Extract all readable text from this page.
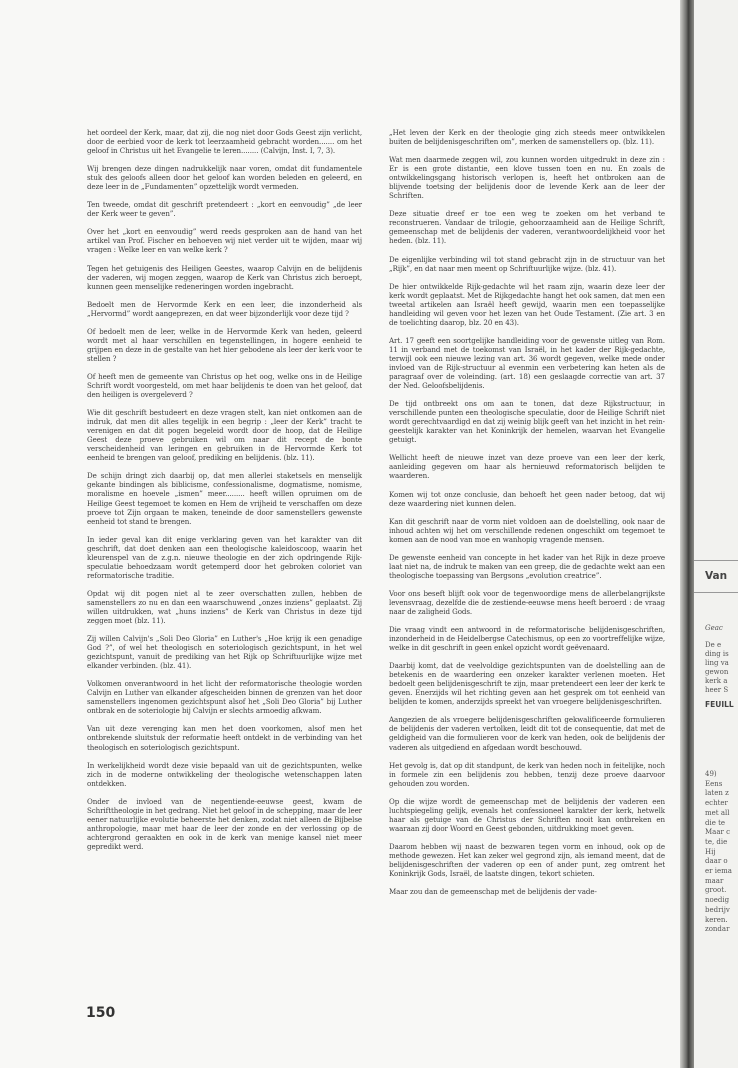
het oordeel der Kerk, maar, dat zij, die nog niet door Gods Geest zijn verlicht, door de eerbied voor de kerk tot leerzaamheid gebracht worden....... om het geloof in Christus uit het Evangelie te leren........ (Calvijn, Inst. I, 7, 3).

Wij brengen deze dingen nadrukkelijk naar voren, omdat dit fundamentele stuk des geloofs alleen door het geloof kan worden beleden en geleerd, en deze leer in de „Fundamenten” opzettelijk wordt vermeden.

Ten tweede, omdat dit geschrift pretendeert : „kort en eenvoudig” „de leer der Kerk weer te geven”.

Over het „kort en eenvoudig” werd reeds gesproken aan de hand van het artikel van Prof. Fischer en behoeven wij niet verder uit te wijden, maar wij vragen : Welke leer en van welke kerk ?

Tegen het getuigenis des Heiligen Geestes, waarop Calvijn en de belijdenis der vaderen, wij mogen zeggen, waarop de Kerk van Christus zich beroept, kunnen geen menselijke redeneringen worden ingebracht.

Bedoelt men de Hervormde Kerk en een leer, die inzonderheid als „Hervormd” wordt aangeprezen, en dat weer bijzonderlijk voor deze tijd ?

Of bedoelt men de leer, welke in de Hervormde Kerk van heden, geleerd wordt met al haar verschillen en tegenstellingen, in hogere eenheid te grijpen en deze in de gestalte van het hier gebodene als leer der kerk voor te stellen ?

Of heeft men de gemeente van Christus op het oog, welke ons in de Heilige Schrift wordt voorgesteld, om met haar belijdenis te doen van het geloof, dat den heiligen is overgeleverd ?

Wie dit geschrift bestudeert en deze vragen stelt, kan niet ontkomen aan de indruk, dat men dit alles tegelijk in een begrip : „leer der Kerk” tracht te verenigen en dat dit pogen begeleid wordt door de hoop, dat de Heilige Geest deze proeve gebruiken wil om naar dit recept de bonte verscheidenheid van leringen en gebruiken in de Hervormde Kerk tot eenheid te brengen van geloof, prediking en belijdenis. (blz. 11).

De schijn dringt zich daarbij op, dat men allerlei staketsels en menselijk gekante bindingen als biblicisme, confessionalisme, dogmatisme, nomisme, moralisme en hoevele „ismen” meer......... heeft willen opruimen om de Heilige Geest tegemoet te komen en Hem de vrijheid te verschaffen om deze proeve tot Zijn orgaan te maken, teneinde de door samenstellers gewenste eenheid tot stand te brengen.

In ieder geval kan dit enige verklaring geven van het karakter van dit geschrift, dat doet denken aan een theologische kaleidoscoop, waarin het kleurenspel van de z.g.n. nieuwe theologie en der zich opdringende Rijk-speculatie behoedzaam wordt getemperd door het gebroken coloriet van reformatorische traditie.

Opdat wij dit pogen niet al te zeer overschatten zullen, hebben de samenstellers zo nu en dan een waarschuwend „onzes inziens” geplaatst. Zij willen uitdrukken, wat „huns inziens” de Kerk van Christus in deze tijd zeggen moet (blz. 11).

Zij willen Calvijn's „Soli Deo Gloria” en Luther's „Hoe krijg ik een genadige God ?”, of wel het theologisch en soteriologisch gezichtspunt, in het wel gezichtspunt, vanuit de prediking van het Rijk op Schriftuurlijke wijze met elkander verbinden. (blz. 41).

Volkomen onverantwoord in het licht der reformatorische theologie worden Calvijn en Luther van elkander afgescheiden binnen de grenzen van het door samenstellers ingenomen gezichtspunt alsof het „Soli Deo Gloria” bij Luther ontbrak en de soteriologie bij Calvijn er slechts armoedig afkwam.

Van uit deze verenging kan men het doen voorkomen, alsof men het ontbrekende sluitstuk der reformatie heeft ontdekt in de verbinding van het theologisch en soteriologisch gezichtspunt.

In werkelijkheid wordt deze visie bepaald van uit de gezichtspunten, welke zich in de moderne ontwikkeling der theologische wetenschappen laten ontdekken.

Onder de invloed van de negentiende-eeuwse geest, kwam de Schrifttheologie in het gedrang. Niet het geloof in de schepping, maar de leer eener natuurlijke evolutie beheerste het denken, zodat niet alleen de Bijbelse anthropologie, maar met haar de leer der zonde en der verlossing op de achtergrond geraakten en ook in de kerk van menige kansel niet meer gepredikt werd.

„Het leven der Kerk en der theologie ging zich steeds meer ontwikkelen buiten de belijdenisgeschriften om”, merken de samenstellers op. (blz. 11).

Wat men daarmede zeggen wil, zou kunnen worden uitgedrukt in deze zin : Er is een grote distantie, een klove tussen toen en nu. En zoals de ontwikkelingsgang historisch verlopen is, heeft het ontbroken aan de blijvende toetsing der belijdenis door de levende Kerk aan de leer der Schriften.

Deze situatie dreef er toe een weg te zoeken om het verband te reconstrueren. Vandaar de trilogie, gehoorzaamheid aan de Heilige Schrift, gemeenschap met de belijdenis der vaderen, verantwoordelijkheid voor het heden. (blz. 11).

De eigenlijke verbinding wil tot stand gebracht zijn in de structuur van het „Rijk”, en dat naar men meent op Schriftuurlijke wijze. (blz. 41).

De hier ontwikkelde Rijk-gedachte wil het raam zijn, waarin deze leer der kerk wordt geplaatst. Met de Rijkgedachte hangt het ook samen, dat men een tweetal artikelen aan Israël heeft gewijd, waarin men een toepasselijke handleiding wil geven voor het lezen van het Oude Testament. (Zie art. 3 en de toelichting daarop, blz. 20 en 43).

Art. 17 geeft een soortgelijke handleiding voor de gewenste uitleg van Rom. 11 in verband met de toekomst van Israël, in het kader der Rijk-gedachte, terwijl ook een nieuwe lezing van art. 36 wordt gegeven, welke mede onder invloed van de Rijk-structuur al evenmin een verbetering kan heten als de paragraaf over de voleinding. (art. 18) een geslaagde correctie van art. 37 der Ned. Geloofsbelijdenis.

De tijd ontbreekt ons om aan te tonen, dat deze Rijkstructuur, in verschillende punten een theologische speculatie, door de Heilige Schrift niet wordt gerechtvaardigd en dat zij weinig blijk geeft van het inzicht in het rein-geestelijk karakter van het Koninkrijk der hemelen, waarvan het Evangelie getuigt.

Wellicht heeft de nieuwe inzet van deze proeve van een leer der kerk, aanleiding gegeven om haar als hernieuwd reformatorisch belijden te waarderen.

Komen wij tot onze conclusie, dan behoeft het geen nader betoog, dat wij deze waardering niet kunnen delen.

Kan dit geschrift naar de vorm niet voldoen aan de doelstelling, ook naar de inhoud achten wij het om verschillende redenen ongeschikt om tegemoet te komen aan de nood van moe en wanhopig vragende mensen.

De gewenste eenheid van concepte in het kader van het Rijk in deze proeve laat niet na, de indruk te maken van een greep, die de gedachte wekt aan een theologische toepassing van Bergsons „evolution creatrice”.

Voor ons beseft blijft ook voor de tegenwoordige mens de allerbelangrijkste levensvraag, dezelfde die de zestiende-eeuwse mens heeft beroerd : de vraag naar de zaligheid Gods.

Die vraag vindt een antwoord in de reformatorische belijdenisgeschriften, inzonderheid in de Heidelbergse Catechismus, op een zo voortreffelijke wijze, welke in dit geschrift in geen enkel opzicht wordt geëvenaard.

Daarbij komt, dat de veelvoldige gezichtspunten van de doelstelling aan de betekenis en de waardering een onzeker karakter verlenen moeten. Het bedoelt geen belijdenisgeschrift te zijn, maar pretendeert een leer der kerk te geven. Enerzijds wil het richting geven aan het gesprek om tot eenheid van belijden te komen, anderzijds spreekt het van vroegere belijdenisgeschriften.

Aangezien de als vroegere belijdenisgeschriften gekwalificeerde formulieren de belijdenis der vaderen vertolken, leidt dit tot de consequentie, dat met de geldigheid van die formulieren voor de kerk van heden, ook de belijdenis der vaderen als uitgediend en afgedaan wordt beschouwd.

Het gevolg is, dat op dit standpunt, de kerk van heden noch in feitelijke, noch in formele zin een belijdenis zou hebben, tenzij deze proeve daarvoor gehouden zou worden.

Op die wijze wordt de gemeenschap met de belijdenis der vaderen een luchtspiegeling gelijk, evenals het confessioneel karakter der kerk, hetwelk haar als getuige van de Christus der Schriften nooit kan ontbreken en waaraan zij door Woord en Geest gebonden, uitdrukking moet geven.

Daarom hebben wij naast de bezwaren tegen vorm en inhoud, ook op de methode gewezen. Het kan zeker wel gegrond zijn, als iemand meent, dat de belijdenisgeschriften der vaderen op een of ander punt, zeg omtrent het Koninkrijk Gods, Israël, de laatste dingen, tekort schieten.

Maar zou dan de gemeenschap met de belijdenis der vade-

150
Van
Geac
De e
ding is
ling va
gewon
kerk a
heer S
FEUILL
49)
Eens
laten z
echter
met all
die te
Maar c
te, die
Hij
daar o
er iema
maar
groot.
noedig
bedrijv
keren.
zondar
